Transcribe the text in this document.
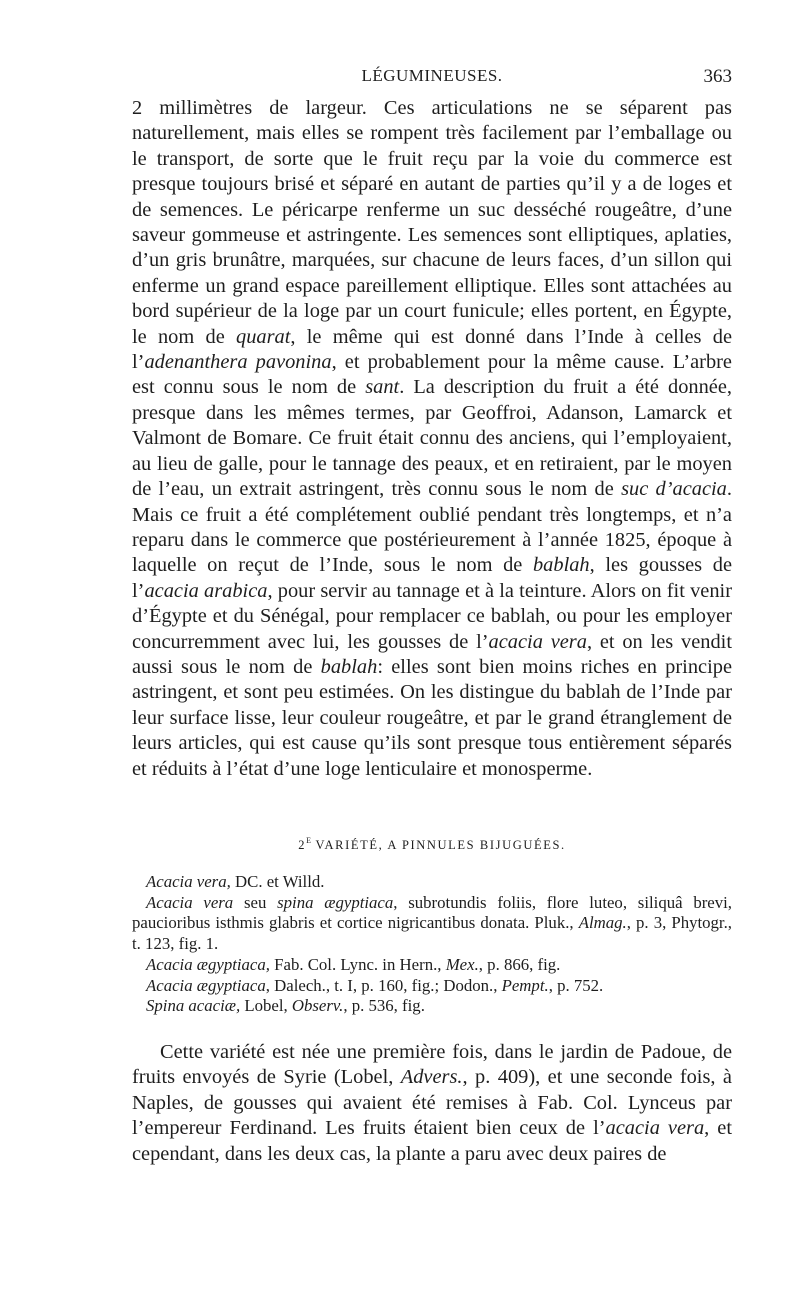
LÉGUMINEUSES.	363

2 millimètres de largeur. Ces articulations ne se séparent pas naturellement, mais elles se rompent très facilement par l’emballage ou le transport, de sorte que le fruit reçu par la voie du commerce est presque toujours brisé et séparé en autant de parties qu’il y a de loges et de semences. Le péricarpe renferme un suc desséché rougeâtre, d’une saveur gommeuse et astringente. Les semences sont elliptiques, aplaties, d’un gris brunâtre, marquées, sur chacune de leurs faces, d’un sillon qui enferme un grand espace pareillement elliptique. Elles sont attachées au bord supérieur de la loge par un court funicule; elles portent, en Égypte, le nom de quarat, le même qui est donné dans l’Inde à celles de l’adenanthera pavonina, et probablement pour la même cause. L’arbre est connu sous le nom de sant. La description du fruit a été donnée, presque dans les mêmes termes, par Geoffroi, Adanson, Lamarck et Valmont de Bomare. Ce fruit était connu des anciens, qui l’employaient, au lieu de galle, pour le tannage des peaux, et en retiraient, par le moyen de l’eau, un extrait astringent, très connu sous le nom de suc d’acacia. Mais ce fruit a été complétement oublié pendant très longtemps, et n’a reparu dans le commerce que postérieurement à l’année 1825, époque à laquelle on reçut de l’Inde, sous le nom de bablah, les gousses de l’acacia arabica, pour servir au tannage et à la teinture. Alors on fit venir d’Égypte et du Sénégal, pour remplacer ce bablah, ou pour les employer concurremment avec lui, les gousses de l’acacia vera, et on les vendit aussi sous le nom de bablah: elles sont bien moins riches en principe astringent, et sont peu estimées. On les distingue du bablah de l’Inde par leur surface lisse, leur couleur rougeâtre, et par le grand étranglement de leurs articles, qui est cause qu’ils sont presque tous entièrement séparés et réduits à l’état d’une loge lenticulaire et monosperme.

$2^E$ VARIÉTÉ, A PINNULES BIJUGUÉES.

Acacia vera, DC. et Willd.

Acacia vera seu spina ægyptiaca, subrotundis foliis, flore luteo, siliquâ brevi, paucioribus isthmis glabris et cortice nigricantibus donata. Pluk., Almag., p. 3, Phytogr., t. 123, fig. 1.

Acacia ægyptiaca, Fab. Col. Lync. in Hern., Mex., p. 866, fig.

Acacia ægyptiaca, Dalech., t. I, p. 160, fig.; Dodon., Pempt., p. 752.

Spina acaciæ, Lobel, Observ., p. 536, fig.

Cette variété est née une première fois, dans le jardin de Padoue, de fruits envoyés de Syrie (Lobel, Advers., p. 409), et une seconde fois, à Naples, de gousses qui avaient été remises à Fab. Col. Lynceus par l’empereur Ferdinand. Les fruits étaient bien ceux de l’acacia vera, et cependant, dans les deux cas, la plante a paru avec deux paires de
